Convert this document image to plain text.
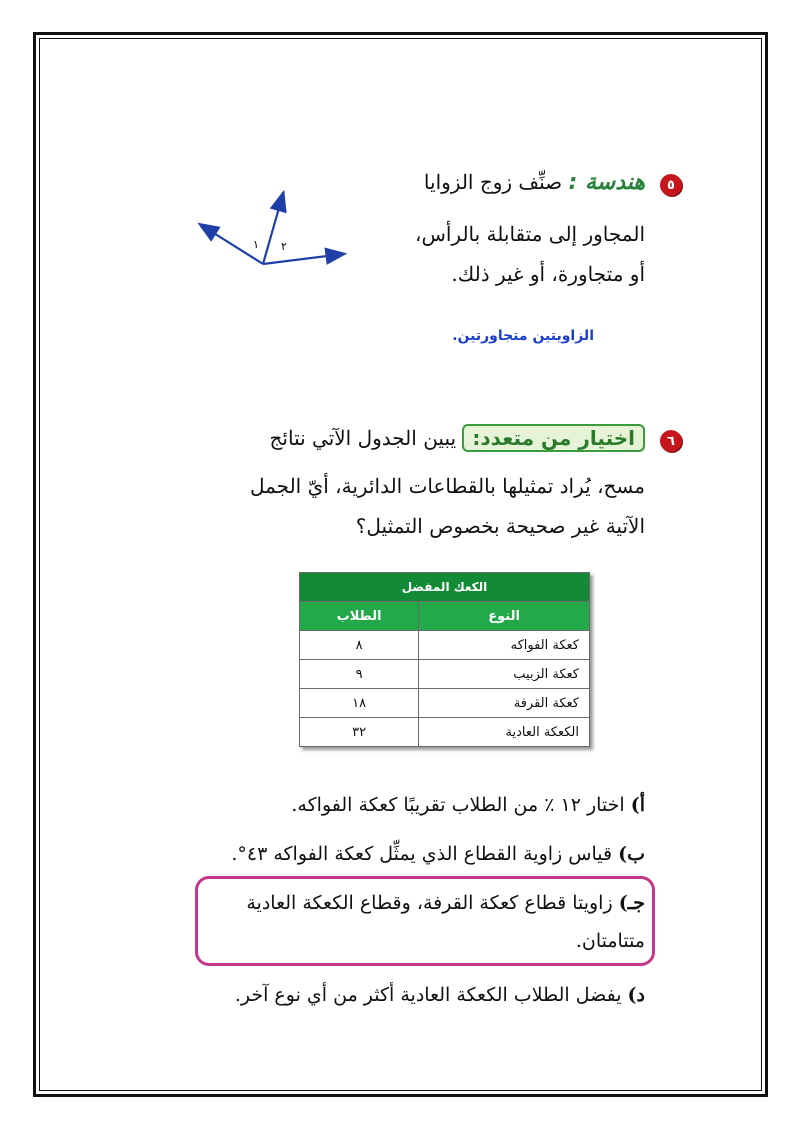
٥
هندسة : صنِّف زوج الزوايا
المجاور إلى متقابلة بالرأس،
أو متجاورة، أو غير ذلك.
١ ٢
الزاويتين متجاورتين.
٦
اختيار من متعدد: يبين الجدول الآتي نتائج
مسح، يُراد تمثيلها بالقطاعات الدائرية، أيّ الجمل
الآتية غير صحيحة بخصوص التمثيل؟
الكعك المفضل	
النوع	الطلاب
كعكة الفواكه	٨
كعكة الزبيب	٩
كعكة القرفة	١٨
الكعكة العادية	٣٢
أ) اختار ١٢ ٪ من الطلاب تقريبًا كعكة الفواكه.
ب) قياس زاوية القطاع الذي يمثِّل كعكة الفواكه ٤٣°.
جـ) زاويتا قطاع كعكة القرفة، وقطاع الكعكة العادية
متتامتان.
د) يفضل الطلاب الكعكة العادية أكثر من أي نوع آخر.
